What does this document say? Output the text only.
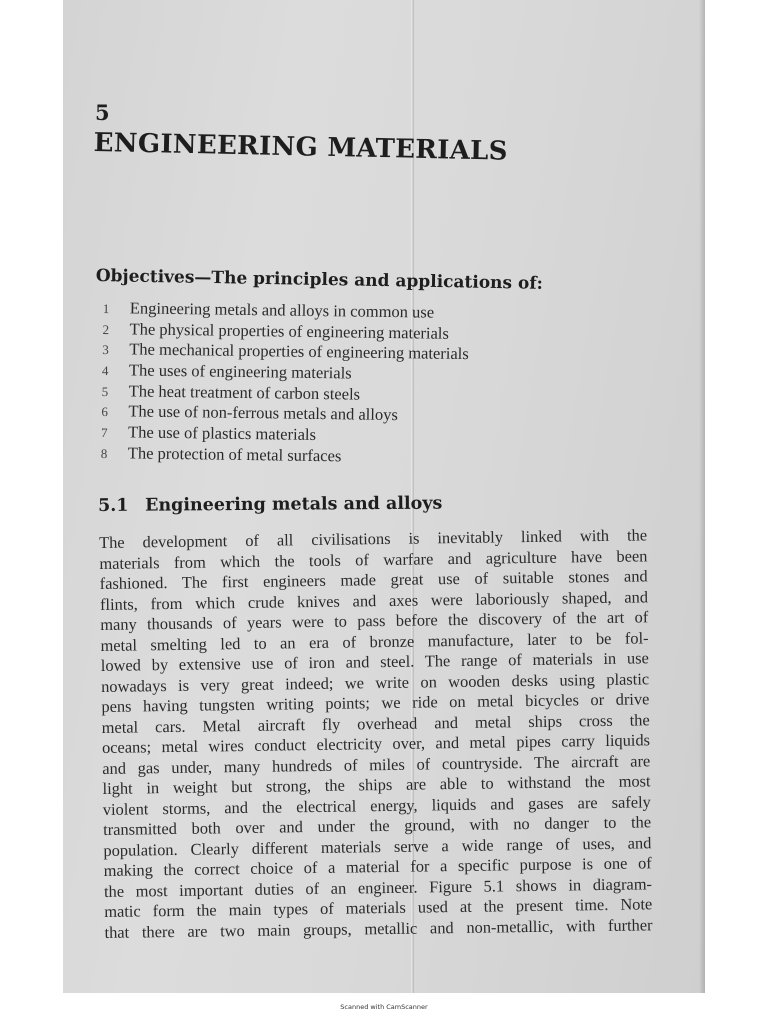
5
ENGINEERING MATERIALS
Objectives—The principles and applications of:
1	Engineering metals and alloys in common use
2	The physical properties of engineering materials
3	The mechanical properties of engineering materials
4	The uses of engineering materials
5	The heat treatment of carbon steels
6	The use of non-ferrous metals and alloys
7	The use of plastics materials
8	The protection of metal surfaces
5.1 Engineering metals and alloys
The development of all civilisations is inevitably linked with the
materials from which the tools of warfare and agriculture have been
fashioned. The first engineers made great use of suitable stones and
flints, from which crude knives and axes were laboriously shaped, and
many thousands of years were to pass before the discovery of the art of
metal smelting led to an era of bronze manufacture, later to be fol-
lowed by extensive use of iron and steel. The range of materials in use
nowadays is very great indeed; we write on wooden desks using plastic
pens having tungsten writing points; we ride on metal bicycles or drive
metal cars. Metal aircraft fly overhead and metal ships cross the
oceans; metal wires conduct electricity over, and metal pipes carry liquids
and gas under, many hundreds of miles of countryside. The aircraft are
light in weight but strong, the ships are able to withstand the most
violent storms, and the electrical energy, liquids and gases are safely
transmitted both over and under the ground, with no danger to the
population. Clearly different materials serve a wide range of uses, and
making the correct choice of a material for a specific purpose is one of
the most important duties of an engineer. Figure 5.1 shows in diagram-
matic form the main types of materials used at the present time. Note
that there are two main groups, metallic and non-metallic, with further
Scanned with CamScanner
